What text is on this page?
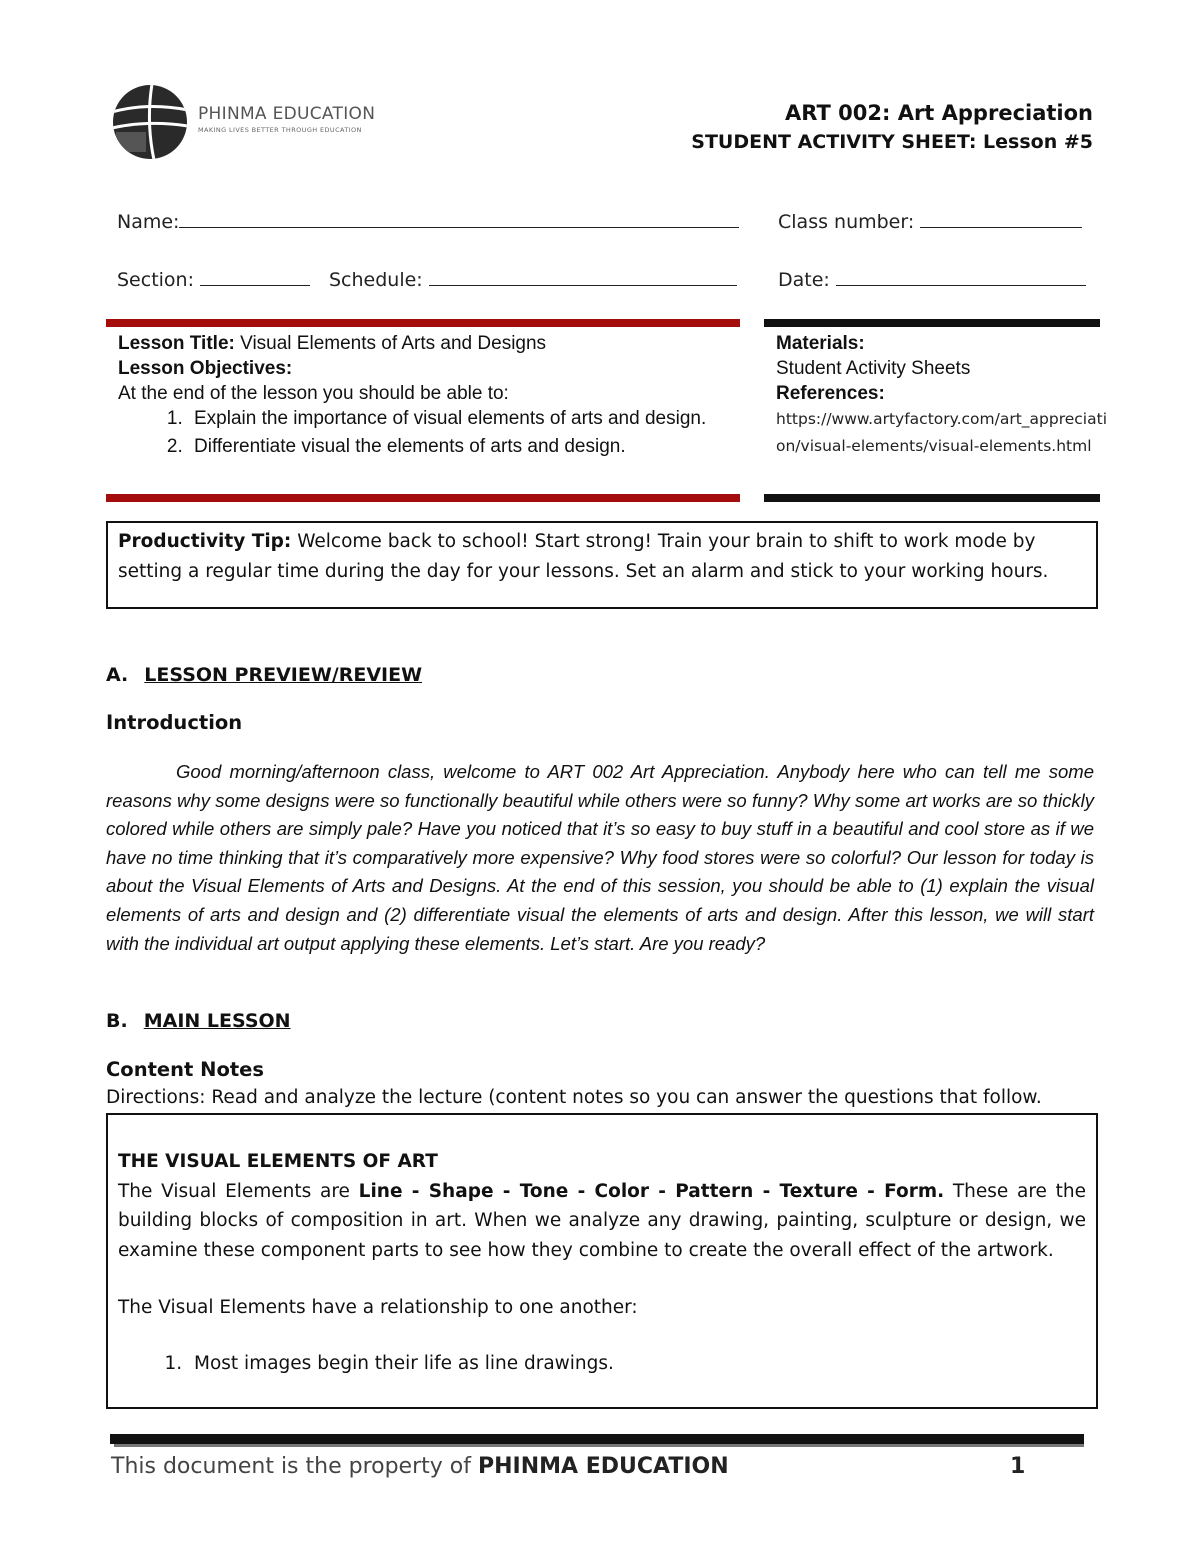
PHINMA EDUCATION
MAKING LIVES BETTER THROUGH EDUCATION
ART 002: Art Appreciation
STUDENT ACTIVITY SHEET: Lesson #5
Name:	Class number:
Section:	Schedule:	Date:
Lesson Title: Visual Elements of Arts and Designs
Lesson Objectives:
At the end of the lesson you should be able to:
1. Explain the importance of visual elements of arts and design.
2. Differentiate visual the elements of arts and design.
Materials:
Student Activity Sheets
References:
https://www.artyfactory.com/art_appreciation/visual-elements/visual-elements.html
Productivity Tip: Welcome back to school! Start strong! Train your brain to shift to work mode by setting a regular time during the day for your lessons. Set an alarm and stick to your working hours.
A. LESSON PREVIEW/REVIEW
Introduction

Good morning/afternoon class, welcome to ART 002 Art Appreciation. Anybody here who can tell me some reasons why some designs were so functionally beautiful while others were so funny? Why some art works are so thickly colored while others are simply pale? Have you noticed that it’s so easy to buy stuff in a beautiful and cool store as if we have no time thinking that it’s comparatively more expensive? Why food stores were so colorful? Our lesson for today is about the Visual Elements of Arts and Designs. At the end of this session, you should be able to (1) explain the visual elements of arts and design and (2) differentiate visual the elements of arts and design. After this lesson, we will start with the individual art output applying these elements. Let’s start. Are you ready?

B. MAIN LESSON
Content Notes
Directions: Read and analyze the lecture (content notes so you can answer the questions that follow.
THE VISUAL ELEMENTS OF ART

The Visual Elements are Line - Shape - Tone - Color - Pattern - Texture - Form. These are the building blocks of composition in art. When we analyze any drawing, painting, sculpture or design, we examine these component parts to see how they combine to create the overall effect of the artwork.

The Visual Elements have a relationship to one another:

1. Most images begin their life as line drawings.
This document is the property of PHINMA EDUCATION	1
